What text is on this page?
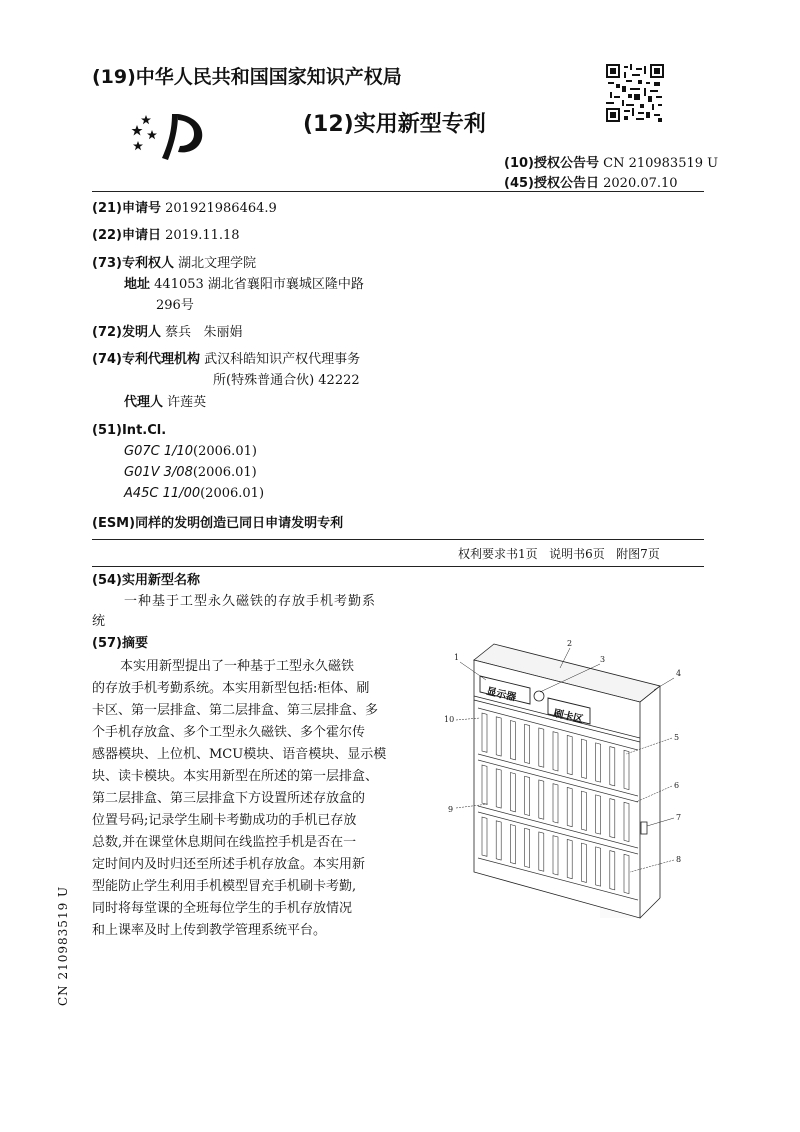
(19)中华人民共和国国家知识产权局
(12)实用新型专利
(10)授权公告号 CN 210983519 U
(45)授权公告日 2020.07.10
(21)申请号 201921986464.9
(22)申请日 2019.11.18
(73)专利权人 湖北文理学院
地址 441053 湖北省襄阳市襄城区隆中路
296号
(72)发明人 蔡兵   朱丽娟
(74)专利代理机构 武汉科皓知识产权代理事务
所(特殊普通合伙) 42222
代理人 许莲英
(51)Int.Cl.
G07C 1/10(2006.01)
G01V 3/08(2006.01)
A45C 11/00(2006.01)
(ESM)同样的发明创造已同日申请发明专利
权利要求书1页   说明书6页   附图7页
(54)实用新型名称
一种基于工型永久磁铁的存放手机考勤系
统
(57)摘要
本实用新型提出了一种基于工型永久磁铁
的存放手机考勤系统。本实用新型包括:柜体、刷
卡区、第一层排盒、第二层排盒、第三层排盒、多
个手机存放盒、多个工型永久磁铁、多个霍尔传
感器模块、上位机、MCU模块、语音模块、显示模
块、读卡模块。本实用新型在所述的第一层排盒、
第二层排盒、第三层排盒下方设置所述存放盒的
位置号码;记录学生刷卡考勤成功的手机已存放
总数,并在课堂休息期间在线监控手机是否在一
定时间内及时归还至所述手机存放盒。本实用新
型能防止学生利用手机模型冒充手机刷卡考勤,
同时将每堂课的全班每位学生的手机存放情况
和上课率及时上传到教学管理系统平台。
显示器
刷卡区
1
2
3
4
5
6
7
8
9
10
CN 210983519 U
